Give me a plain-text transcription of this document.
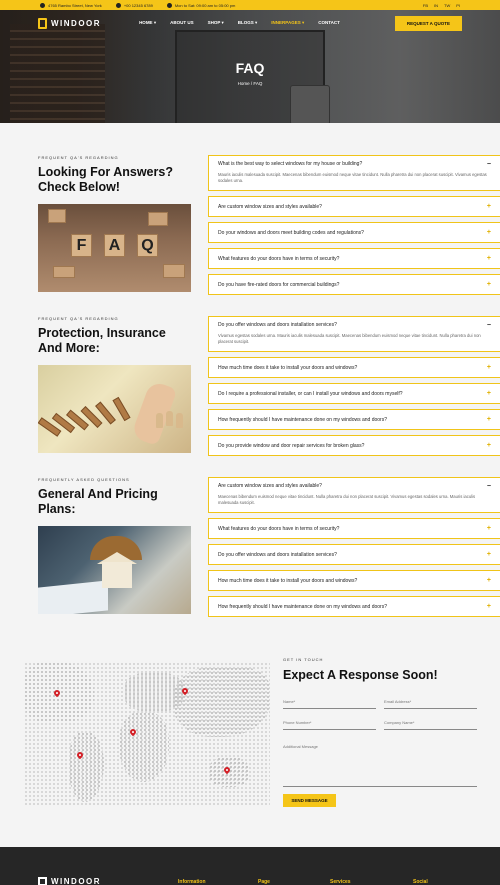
4765 Rambo Street, New York	+00 12345 6789	Mon to Sat: 09:00 am to 05:00 pm	FB IN TW PI
WINDOOR	HOME ▾	ABOUT US	SHOP ▾	BLOGS ▾	INNERPAGES ▾	CONTACT	REQUEST A QUOTE
FAQ
Home / FAQ
FREQUENT QA'S REGARDING
Looking For Answers?
Check Below!
F	A Q
What is the best way to select windows for my house or building?	−
Mauris iaculis malesuada suscipit. Maecenas bibendum euismod neque vitae tincidunt. Nulla pharetra dui non placerat suscipit. Vivamus egestas sodales urna.
Are custom window sizes and styles available?	+
Do your windows and doors meet building codes and regulations?	+
What features do your doors have in terms of security?	+
Do you have fire-rated doors for commercial buildings?	+
FREQUENT QA'S REGARDING
Protection, Insurance
And More:
Do you offer windows and doors installation services?	−
Vivamus egestas sodales urna. Mauris iaculis malesuada suscipit. Maecenas bibendum euismod neque vitae tincidunt. Nulla pharetra dui non placerat suscipit.
How much time does it take to install your doors and windows?	+
Do I require a professional installer, or can I install your windows and doors myself?	+
How frequently should I have maintenance done on my windows and doors?	+
Do you provide window and door repair services for broken glass?	+
FREQUENTLY ASKED QUESTIONS
General And Pricing
Plans:
Are custom window sizes and styles available?	−
Maecenas bibendum euismod neque vitae tincidunt. Nulla pharetra dui non placerat suscipit. Vivamus egestas sodales urna. Mauris iaculis malesuada suscipit.
What features do your doors have in terms of security?	+
Do you offer windows and doors installation services?	+
How much time does it take to install your doors and windows?	+
How frequently should I have maintenance done on my windows and doors?	+
GET IN TOUCH
Expect A Response Soon!
Name*
Email Address*
Phone Number*
Company Name*
Additional Message
SEND MESSAGE
WINDOOR	Information	Page	Services	Social
